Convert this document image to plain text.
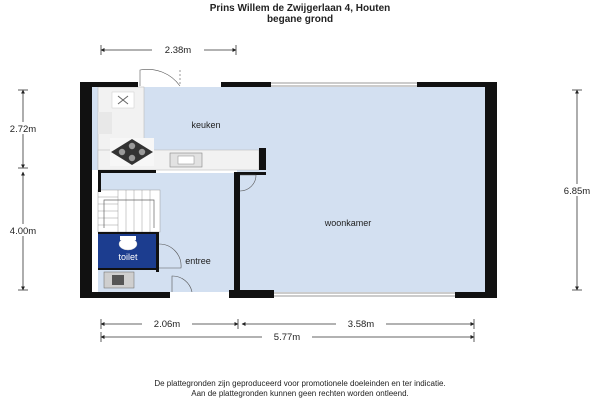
Prins Willem de Zwijgerlaan 4, Houten
begane grond
keuken
woonkamer
toilet	entree
2.38m
2.72m
4.00m
6.85m
2.06m	3.58m
5.77m
De plattegronden zijn geproduceerd voor promotionele doeleinden en ter indicatie.
Aan de plattegronden kunnen geen rechten worden ontleend.
